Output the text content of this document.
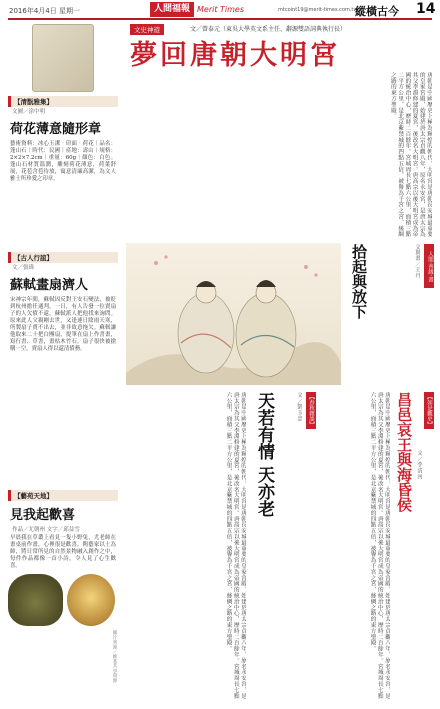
2016年4月4日 星期一	人間福報 Merit Times	mtcoint19@merit-times.com.tw
縱橫古今 14
文史神遊	文／曾泰元（東吳大學英文系主任、辭源雙語詞典執行長）
夢回唐朝大明宮
唐朝是中國歷史上極為輝煌的朝代，大明宮是唐朝長安城最重要的皇家宮殿，始建於唐太宗貞觀八年，原名永安宮，是唐太宗為其父李淵修建的夏宮，後改名大明宮。唐高宗以後大明宮成為帝國的統治中心，歷時二百餘年。宮城周長七點六公里，面積三點二平方公里，是北京紫禁城的四點五倍，被譽為千宮之宮、絲綢之路的東方聖殿。
【清翫雅集】
文圖／涂中明
荷花薄意隨形章
藝術資料：冰心玉潔‧印面‧荷花｜品名：蓬山石｜時代：民國｜產地：壽山｜規格：2×2×7.2cm｜重量：60g｜顏色：白色。蓬山石材質溫潤，雕刻荷花薄意，荷葉舒展，花苞含苞待放，寓意清廉高潔，為文人雅士所珍愛之印章。
【古人行誼】
文／張瑋
蘇軾畫扇濟人
宋神宗年間，蘇軾因反對王安石變法，被貶到杭州擔任通判。一日，有人告發一位賣扇子的人欠債不還，蘇軾派人把他找來詢問。原來此人父親剛去世，又逢連日陰雨天寒，所製扇子賣不出去，並非故意拖欠。蘇軾讓他取來二十把白團扇，提筆在扇上作書畫，寫行書、草書，畫枯木竹石。扇子很快被搶購一空，賣扇人得以還清債務。
【藝苑天地】
見我起歡喜
作品／尤朝州 文字／邱益雪
早晨我在草叢上看見一隻小野兔，尤老師在畫桌前作畫，心裡很是歡喜。陶藝家以土為師，將日常所見的自然景物融入創作之中，每件作品都像一首小詩，令人見了心生歡喜。
人間‧善緣‧畫
拾起與放下	文與畫／王丹
【春秋雜談】
天若有情 天亦老
唐朝是中國歷史上極為輝煌的朝代，大明宮是唐朝長安城最重要的皇家宮殿，始建於唐太宗貞觀八年，原名永安宮，是唐太宗為其父李淵修建的夏宮，後改名大明宮。唐高宗以後大明宮成為帝國的統治中心，歷時二百餘年。宮城周長七點六公里，面積三點二平方公里，是北京紫禁城的四點五倍，被譽為千宮之宮、絲綢之路的東方聖殿。	文／劉玉忠	【如是觀史】
昌邑哀王與海昏侯 文／李清河
唐朝是中國歷史上極為輝煌的朝代，大明宮是唐朝長安城最重要的皇家宮殿，始建於唐太宗貞觀八年，原名永安宮，是唐太宗為其父李淵修建的夏宮，後改名大明宮。唐高宗以後大明宮成為帝國的統治中心，歷時二百餘年。宮城周長七點六公里，面積三點二平方公里，是北京紫禁城的四點五倍，被譽為千宮之宮、絲綢之路的東方聖殿。
圖片來源／維基共享資源
